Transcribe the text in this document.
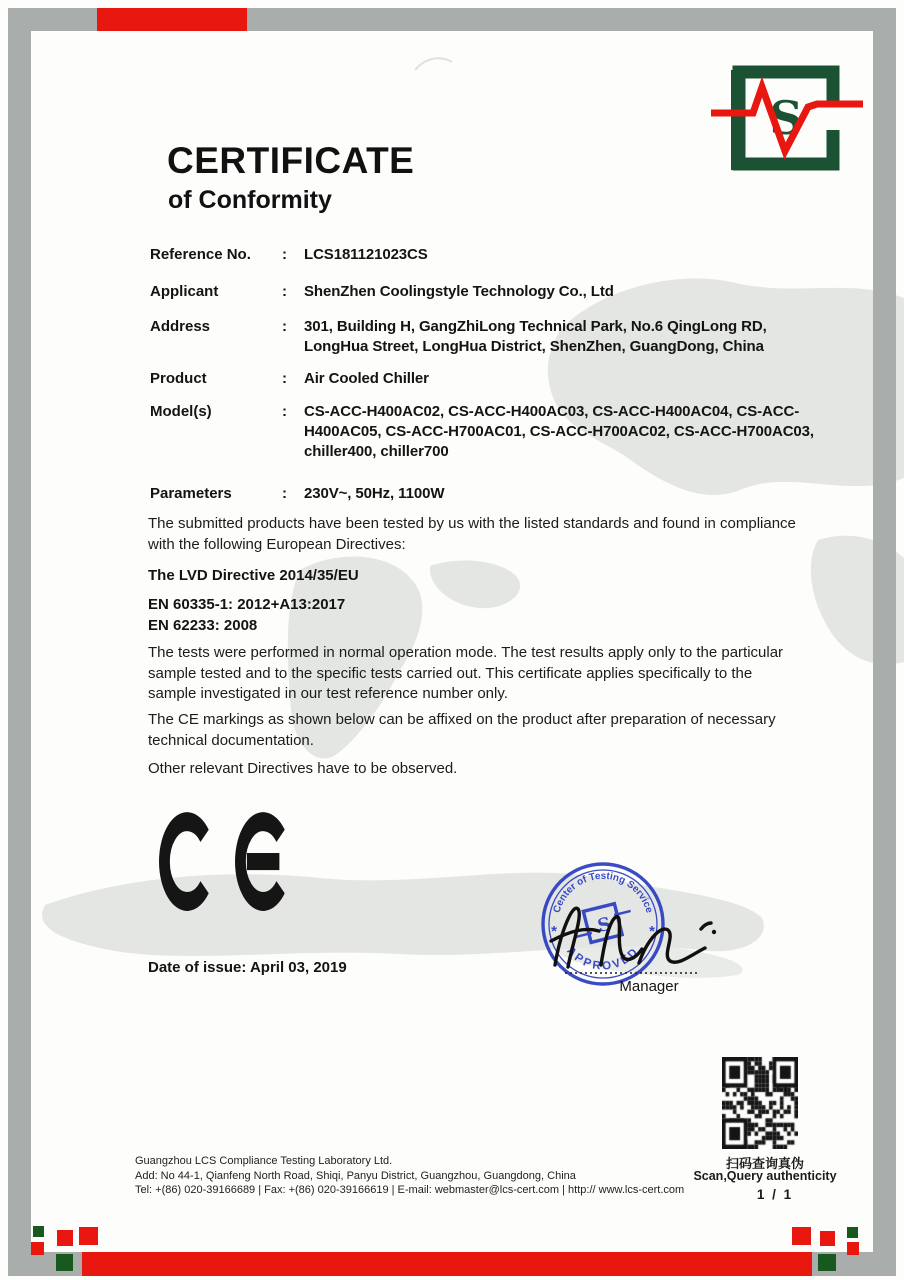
S
CERTIFICATE
of Conformity
Reference No.	:	LCS181121023CS
Applicant	:	ShenZhen Coolingstyle Technology Co., Ltd
Address	:	301, Building H, GangZhiLong Technical Park, No.6 QingLong RD, LongHua Street, LongHua District, ShenZhen, GuangDong, China
Product	:	Air Cooled Chiller
Model(s)	:	CS-ACC-H400AC02, CS-ACC-H400AC03, CS-ACC-H400AC04, CS-ACC-H400AC05, CS-ACC-H700AC01, CS-ACC-H700AC02, CS-ACC-H700AC03, chiller400, chiller700
Parameters	:	230V~, 50Hz, 1100W
The submitted products have been tested by us with the listed standards and found in compliance with the following European Directives:
The LVD Directive 2014/35/EU
EN 60335-1: 2012+A13:2017
EN 62233: 2008
The tests were performed in normal operation mode. The test results apply only to the particular sample tested and to the specific tests carried out. This certificate applies specifically to the sample investigated in our test reference number only.
The CE markings as shown below can be affixed on the product after preparation of necessary technical documentation.
Other relevant Directives have to be observed.
Date of issue: April 03, 2019
Center of Testing Service
*	*
APPROVED
S
Manager
扫码查询真伪
Scan,Query authenticity
1 / 1
Guangzhou LCS Compliance Testing Laboratory Ltd.
Add: No 44-1, Qianfeng North Road, Shiqi, Panyu District, Guangzhou, Guangdong, China
Tel: +(86) 020-39166689 | Fax: +(86) 020-39166619 | E-mail: webmaster@lcs-cert.com | http:// www.lcs-cert.com
